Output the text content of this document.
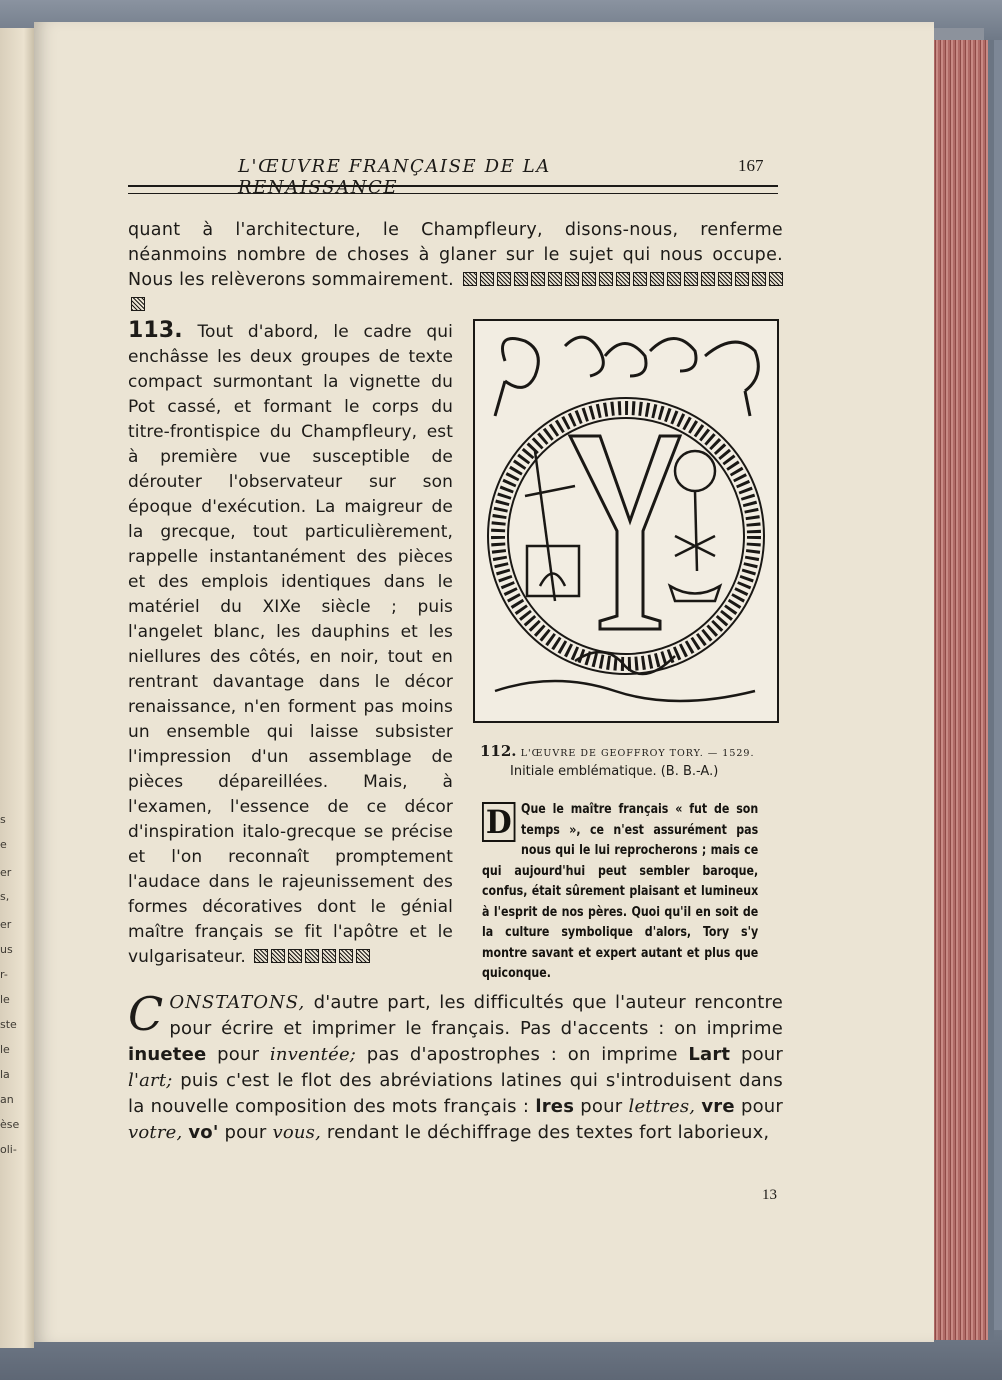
s
e
er
s,
er
us
r-
le
ste
le
la
an
èse
oli-
L'ŒUVRE FRANÇAISE DE LA RENAISSANCE
167
quant à l'architecture, le Champfleury, disons-nous, renferme néanmoins nombre de choses à glaner sur le sujet qui nous occupe. Nous les relèverons sommairement.
113. Tout d'abord, le cadre qui enchâsse les deux groupes de texte compact surmontant la vignette du Pot cassé, et formant le corps du titre-frontispice du Champfleury, est à première vue susceptible de dérouter l'observateur sur son époque d'exécution. La maigreur de la grecque, tout particulièrement, rappelle instantanément des pièces et des emplois identiques dans le matériel du XIXe siècle ; puis l'angelet blanc, les dauphins et les niellures des côtés, en noir, tout en rentrant davantage dans le décor renaissance, n'en forment pas moins un ensemble qui laisse subsister l'impression d'un assemblage de pièces dépareillées. Mais, à l'examen, l'essence de ce décor d'inspiration italo-grecque se précise et l'on reconnaît promptement l'audace dans le rajeunissement des formes décoratives dont le génial maître français se fit l'apôtre et le vulgarisateur.
112. L'ŒUVRE DE GEOFFROY TORY. — 1529.
Initiale emblématique. (B. B.-A.)
D Que le maître français « fut de son temps », ce n'est assurément pas nous qui le lui reprocherons ; mais ce qui aujourd'hui peut sembler baroque, confus, était sûrement plaisant et lumineux à l'esprit de nos pères. Quoi qu'il en soit de la culture symbolique d'alors, Tory s'y montre savant et expert autant et plus que quiconque.
C ONSTATONS, d'autre part, les difficultés que l'auteur rencontre pour écrire et imprimer le français. Pas d'accents : on imprime inuetee pour inventée; pas d'apostrophes : on imprime Lart pour l'art; puis c'est le flot des abréviations latines qui s'introduisent dans la nouvelle composition des mots français : lres pour lettres, vre pour votre, vo' pour vous, rendant le déchiffrage des textes fort laborieux,
13
